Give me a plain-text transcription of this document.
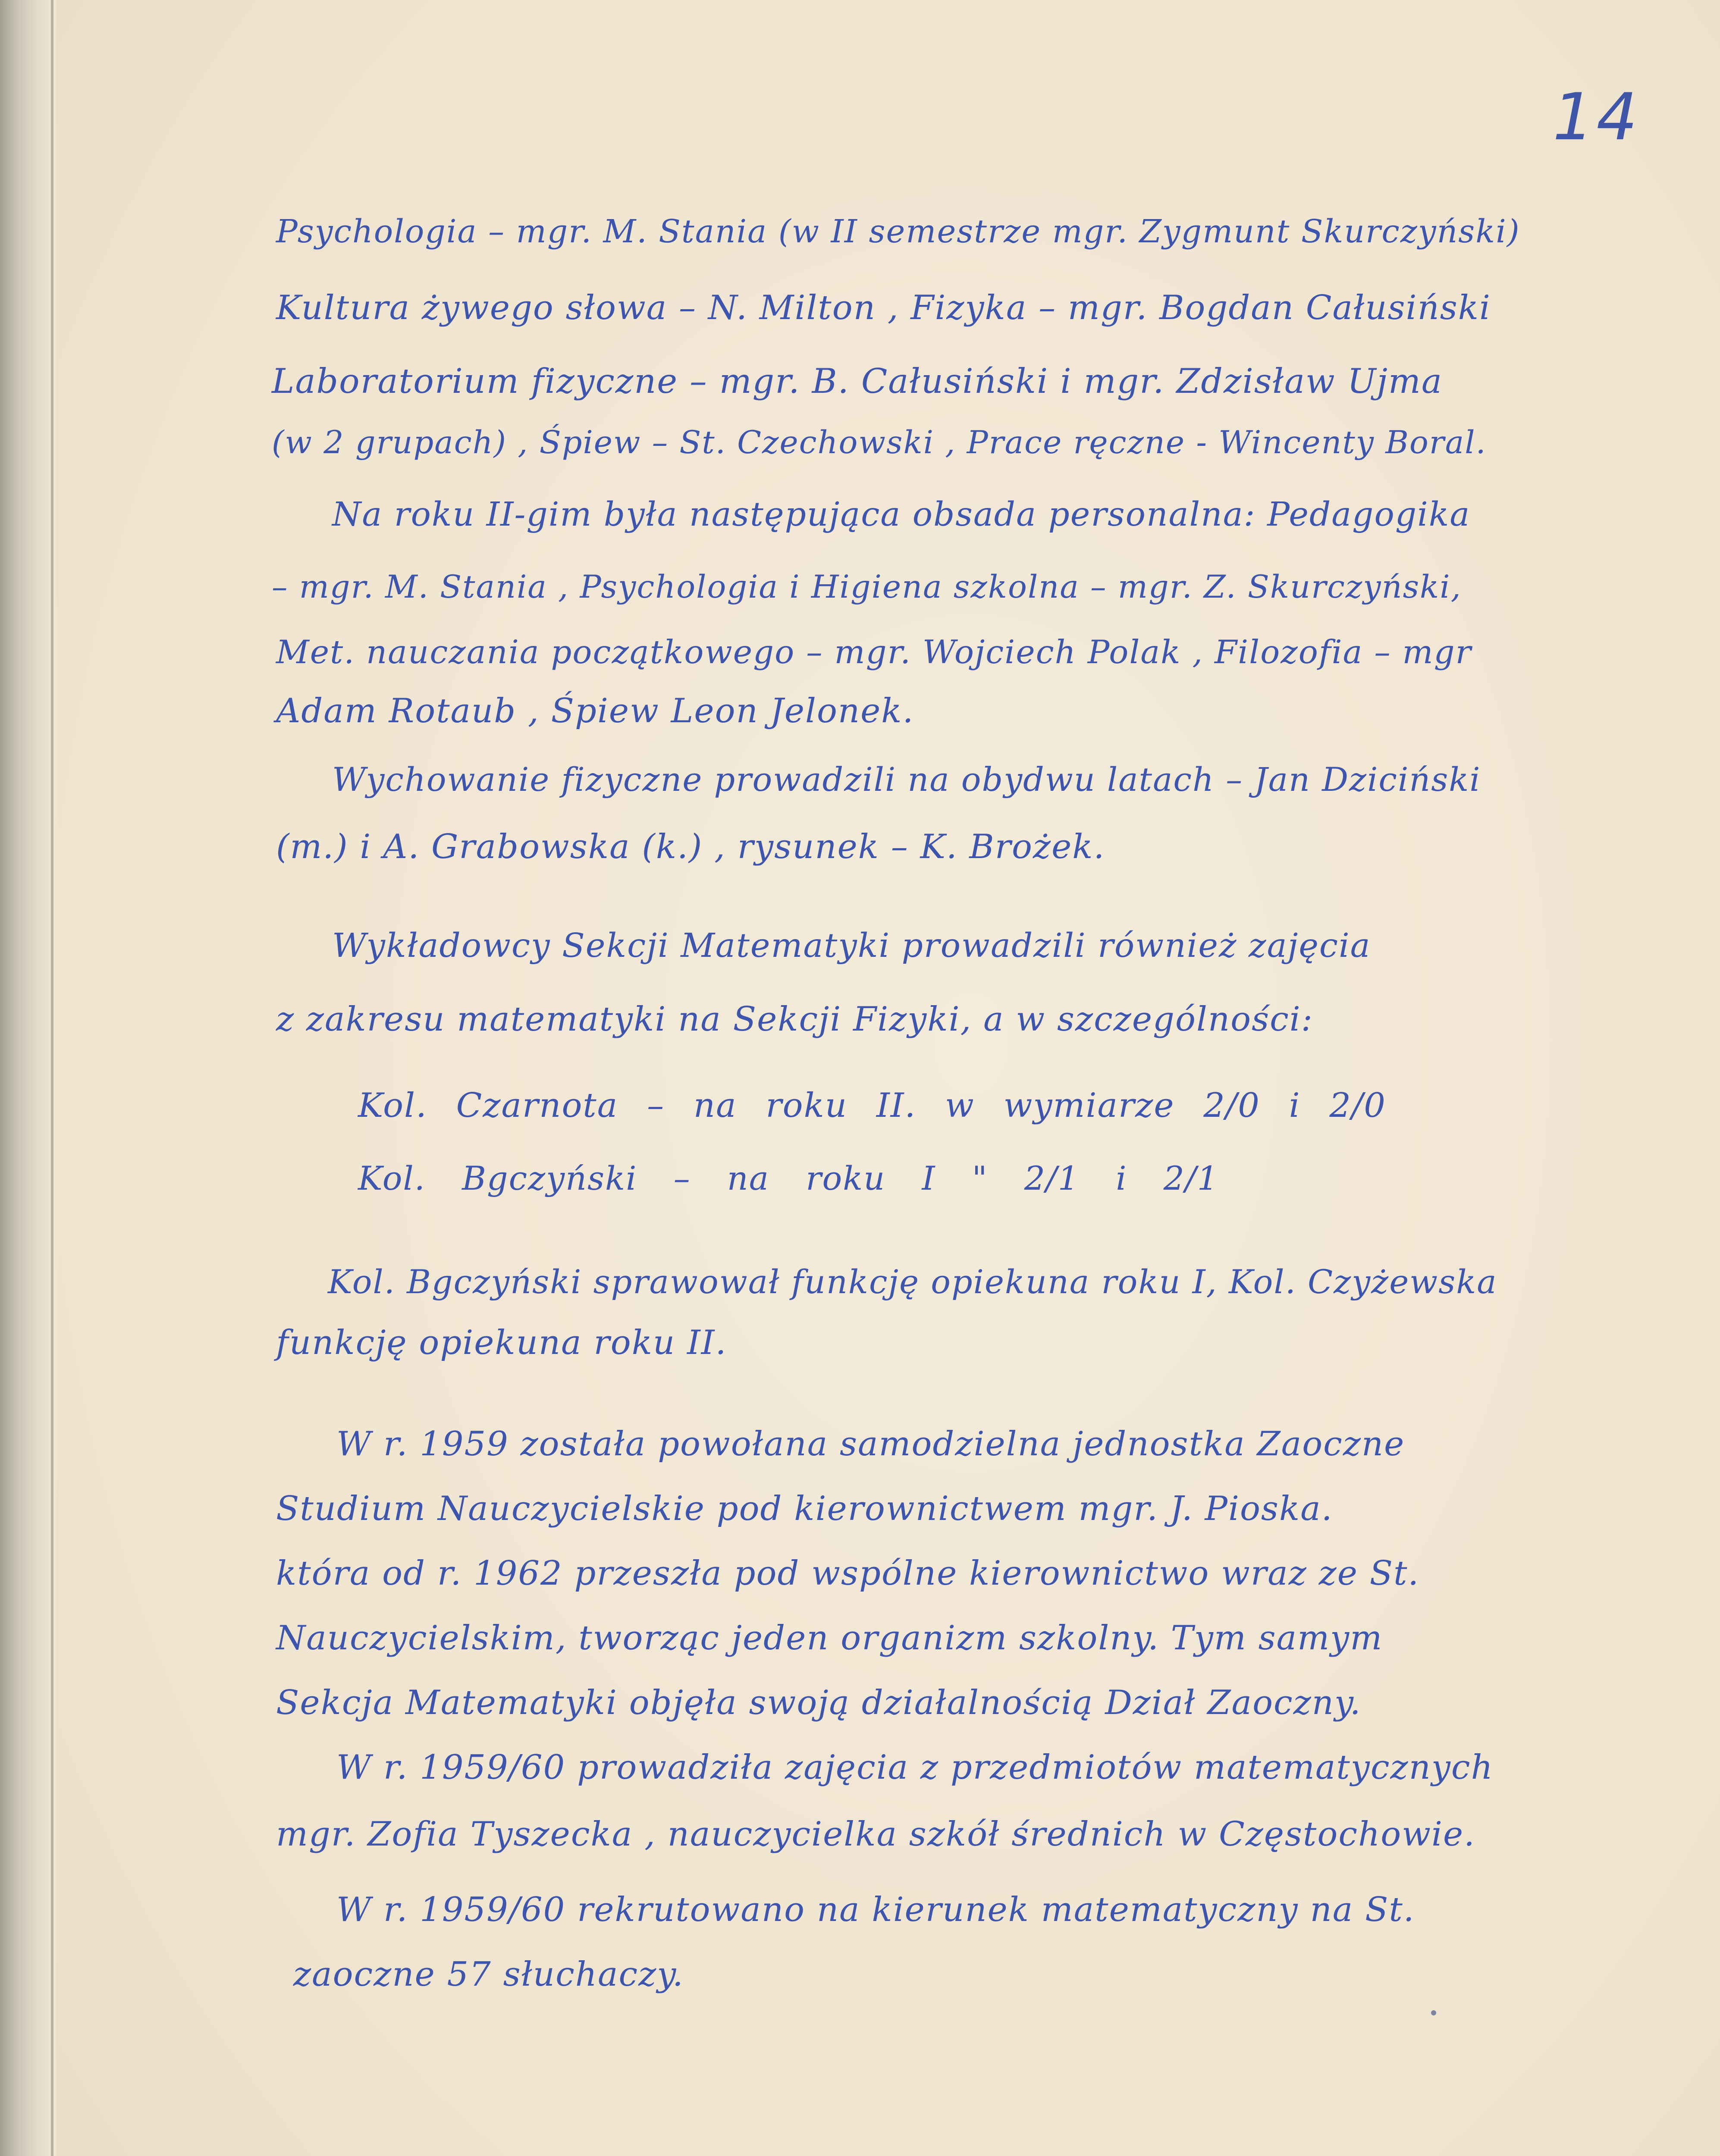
14

Psychologia – mgr. M. Stania (w II semestrze mgr. Zygmunt Skurczyński)

Kultura żywego słowa – N. Milton , Fizyka – mgr. Bogdan Całusiński

Laboratorium fizyczne – mgr. B. Całusiński i mgr. Zdzisław Ujma

(w 2 grupach) , Śpiew – St. Czechowski , Prace ręczne - Wincenty Boral.

Na roku II-gim była następująca obsada personalna: Pedagogika

– mgr. M. Stania , Psychologia i Higiena szkolna – mgr. Z. Skurczyński,

Met. nauczania początkowego – mgr. Wojciech Polak , Filozofia – mgr

Adam Rotaub , Śpiew Leon Jelonek.

Wychowanie fizyczne prowadzili na obydwu latach – Jan Dziciński

(m.) i A. Grabowska (k.) , rysunek – K. Brożek.

Wykładowcy Sekcji Matematyki prowadzili również zajęcia

z zakresu matematyki na Sekcji Fizyki, a w szczególności:

Kol. Czarnota – na roku II. w wymiarze 2/0 i 2/0

Kol. Bgczyński – na roku I " 2/1 i 2/1

Kol. Bgczyński sprawował funkcję opiekuna roku I, Kol. Czyżewska

funkcję opiekuna roku II.

W r. 1959 została powołana samodzielna jednostka Zaoczne

Studium Nauczycielskie pod kierownictwem mgr. J. Pioska.

która od r. 1962 przeszła pod wspólne kierownictwo wraz ze St.

Nauczycielskim, tworząc jeden organizm szkolny. Tym samym

Sekcja Matematyki objęła swoją działalnością Dział Zaoczny.

W r. 1959/60 prowadziła zajęcia z przedmiotów matematycznych

mgr. Zofia Tyszecka , nauczycielka szkół średnich w Częstochowie.

W r. 1959/60 rekrutowano na kierunek matematyczny na St.

zaoczne 57 słuchaczy.
